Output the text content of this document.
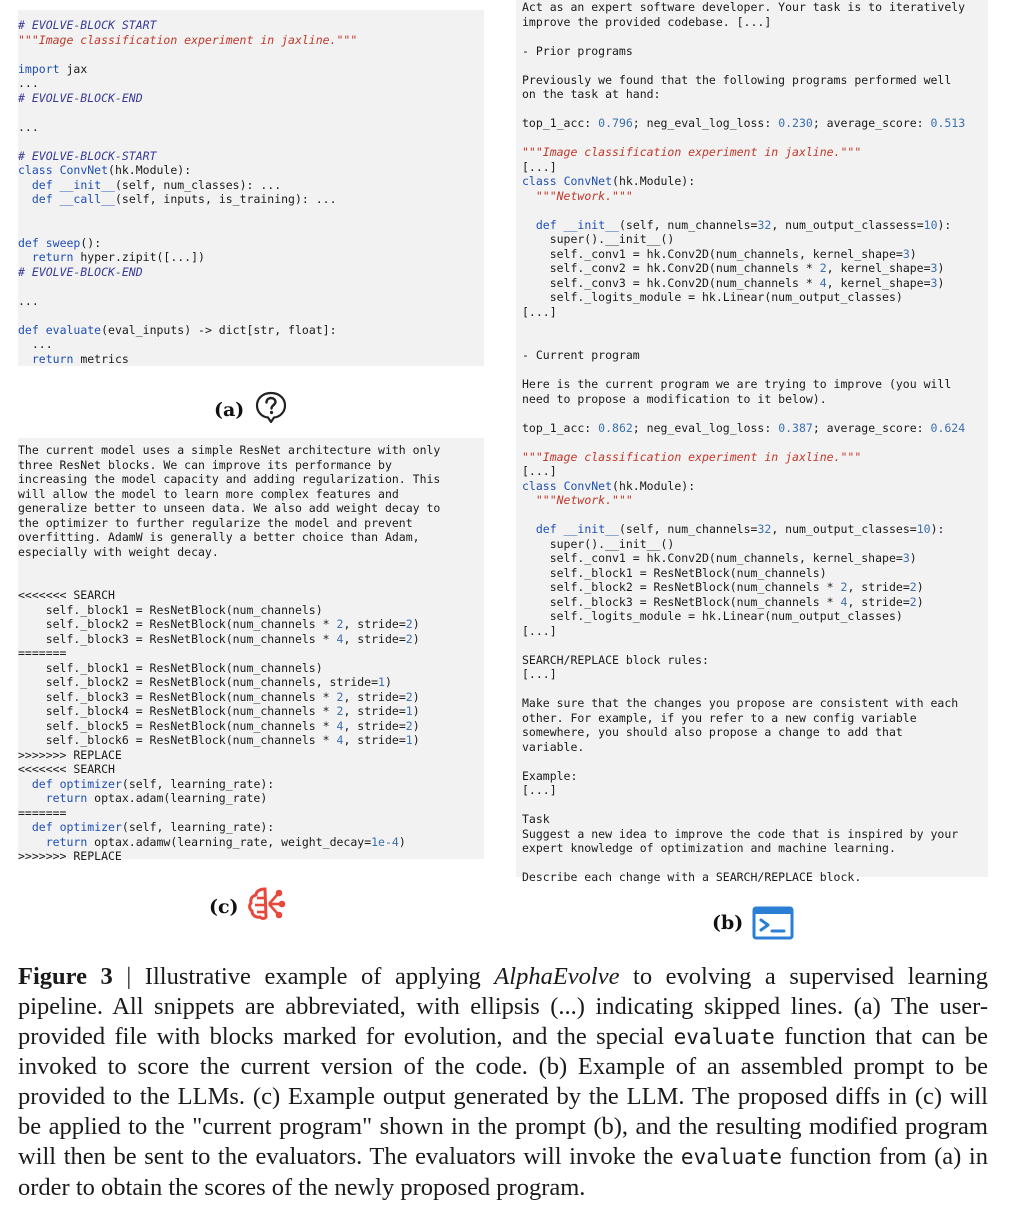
# EVOLVE-BLOCK START
"""Image classification experiment in jaxline."""

import jax
...
# EVOLVE-BLOCK-END

...

# EVOLVE-BLOCK-START
class ConvNet(hk.Module):
def __init__(self, num_classes): ...
def __call__(self, inputs, is_training): ...

def sweep():
return hyper.zipit([...])
# EVOLVE-BLOCK-END

...

def evaluate(eval_inputs) -> dict[str, float]:
...
return metrics
(a)
The current model uses a simple ResNet architecture with only
three ResNet blocks. We can improve its performance by
increasing the model capacity and adding regularization. This
will allow the model to learn more complex features and
generalize better to unseen data. We also add weight decay to
the optimizer to further regularize the model and prevent
overfitting. AdamW is generally a better choice than Adam,
especially with weight decay.

<<<<<<< SEARCH
self._block1 = ResNetBlock(num_channels)
self._block2 = ResNetBlock(num_channels * 2, stride=2)
self._block3 = ResNetBlock(num_channels * 4, stride=2)
=======
self._block1 = ResNetBlock(num_channels)
self._block2 = ResNetBlock(num_channels, stride=1)
self._block3 = ResNetBlock(num_channels * 2, stride=2)
self._block4 = ResNetBlock(num_channels * 2, stride=1)
self._block5 = ResNetBlock(num_channels * 4, stride=2)
self._block6 = ResNetBlock(num_channels * 4, stride=1)
>>>>>>> REPLACE
<<<<<<< SEARCH
def optimizer(self, learning_rate):
return optax.adam(learning_rate)
=======
def optimizer(self, learning_rate):
return optax.adamw(learning_rate, weight_decay=1e-4)
>>>>>>> REPLACE
(c)
Act as an expert software developer. Your task is to iteratively
improve the provided codebase. [...]

- Prior programs

Previously we found that the following programs performed well
on the task at hand:

top_1_acc: 0.796; neg_eval_log_loss: 0.230; average_score: 0.513

"""Image classification experiment in jaxline."""
[...]
class ConvNet(hk.Module):
"""Network."""

def __init__(self, num_channels=32, num_output_classess=10):
super().__init__()
self._conv1 = hk.Conv2D(num_channels, kernel_shape=3)
self._conv2 = hk.Conv2D(num_channels * 2, kernel_shape=3)
self._conv3 = hk.Conv2D(num_channels * 4, kernel_shape=3)
self._logits_module = hk.Linear(num_output_classes)
[...]

- Current program

Here is the current program we are trying to improve (you will
need to propose a modification to it below).

top_1_acc: 0.862; neg_eval_log_loss: 0.387; average_score: 0.624

"""Image classification experiment in jaxline."""
[...]
class ConvNet(hk.Module):
"""Network."""

def __init__(self, num_channels=32, num_output_classes=10):
super().__init__()
self._conv1 = hk.Conv2D(num_channels, kernel_shape=3)
self._block1 = ResNetBlock(num_channels)
self._block2 = ResNetBlock(num_channels * 2, stride=2)
self._block3 = ResNetBlock(num_channels * 4, stride=2)
self._logits_module = hk.Linear(num_output_classes)
[...]

SEARCH/REPLACE block rules:
[...]

Make sure that the changes you propose are consistent with each
other. For example, if you refer to a new config variable
somewhere, you should also propose a change to add that
variable.

Example:
[...]

Task
Suggest a new idea to improve the code that is inspired by your
expert knowledge of optimization and machine learning.

Describe each change with a SEARCH/REPLACE block.
(b)
Figure 3 | Illustrative example of applying AlphaEvolve to evolving a supervised learning pipeline. All snippets are abbreviated, with ellipsis (...) indicating skipped lines. (a) The user-provided file with blocks marked for evolution, and the special evaluate function that can be invoked to score the current version of the code. (b) Example of an assembled prompt to be provided to the LLMs. (c) Example output generated by the LLM. The proposed diffs in (c) will be applied to the "current program" shown in the prompt (b), and the resulting modified program will then be sent to the evaluators. The evaluators will invoke the evaluate function from (a) in order to obtain the scores of the newly proposed program.
